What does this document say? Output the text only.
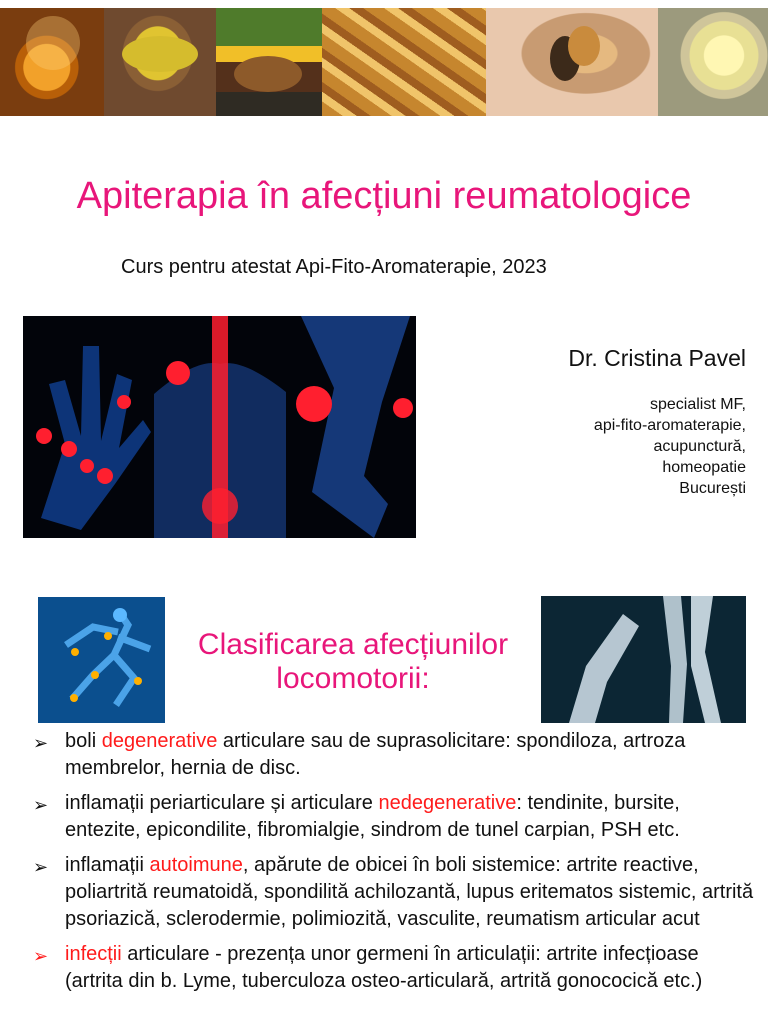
Apiterapia în afecțiuni reumatologice
Curs pentru atestat Api-Fito-Aromaterapie, 2023
Dr. Cristina Pavel
specialist MF,
api-fito-aromaterapie,
acupunctură,
homeopatie
București
Clasificarea afecțiunilor
locomotorii:
➢ boli degenerative articulare sau de suprasolicitare: spondiloza, artroza membrelor, hernia de disc.
➢ inflamații periarticulare și articulare nedegenerative: tendinite, bursite, entezite, epicondilite, fibromialgie, sindrom de tunel carpian, PSH etc.
➢ inflamații autoimune, apărute de obicei în boli sistemice: artrite reactive, poliartrită reumatoidă, spondilită achilozantă, lupus eritematos sistemic, artrită psoriazică, sclerodermie, polimiozită, vasculite, reumatism articular acut
➢ infecții articulare - prezența unor germeni în articulații: artrite infecțioase (artrita din b. Lyme, tuberculoza osteo-articulară, artrită gonococică etc.)
